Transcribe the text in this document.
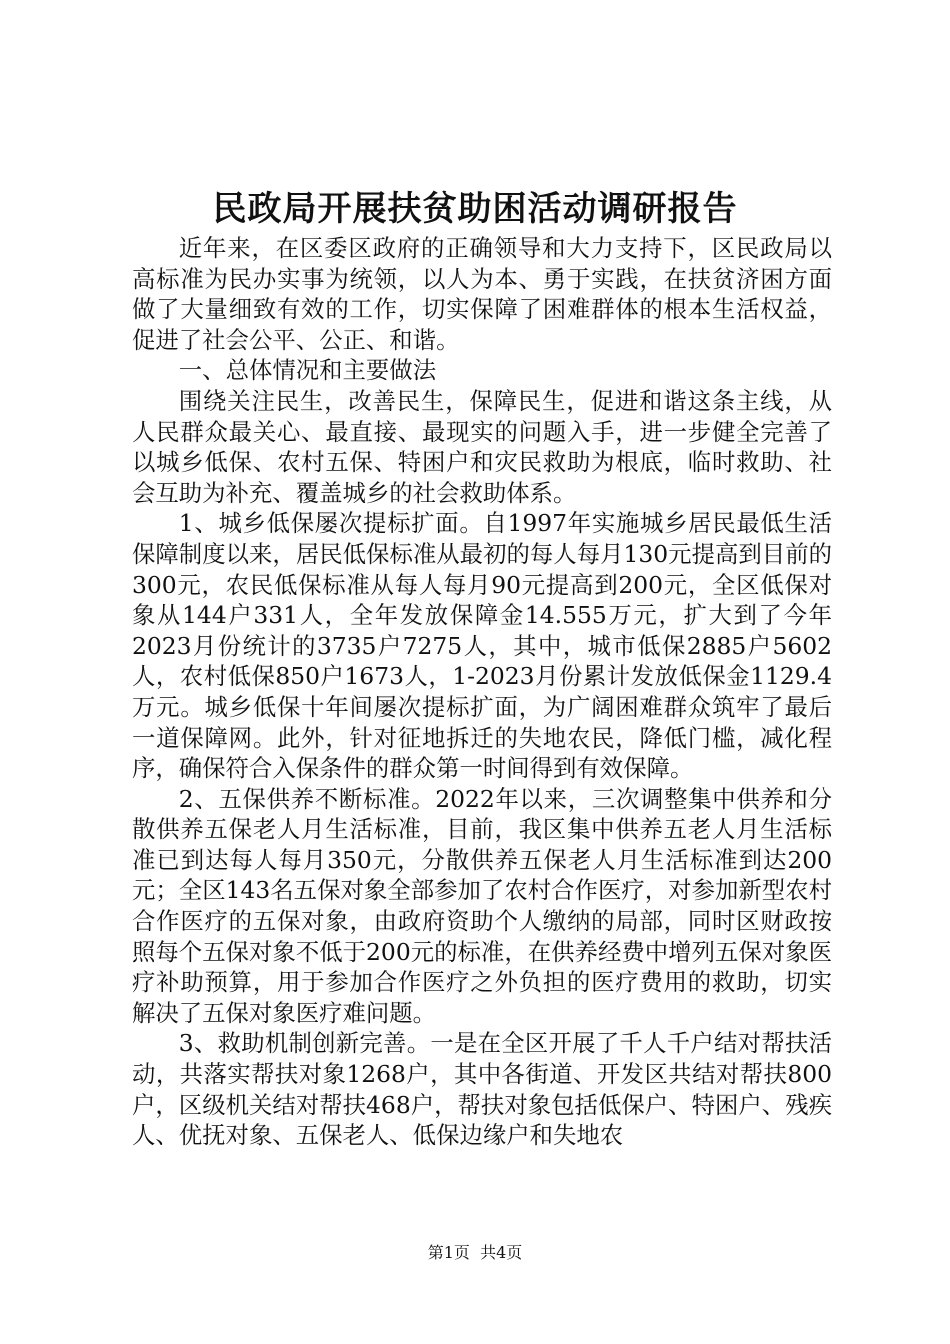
民政局开展扶贫助困活动调研报告

近年来，在区委区政府的正确领导和大力支持下，区民政局以高标准为民办实事为统领，以人为本、勇于实践，在扶贫济困方面做了大量细致有效的工作，切实保障了困难群体的根本生活权益，促进了社会公平、公正、和谐。

一、总体情况和主要做法

围绕关注民生，改善民生，保障民生，促进和谐这条主线，从人民群众最关心、最直接、最现实的问题入手，进一步健全完善了以城乡低保、农村五保、特困户和灾民救助为根底，临时救助、社会互助为补充、覆盖城乡的社会救助体系。

1、城乡低保屡次提标扩面。自1997年实施城乡居民最低生活保障制度以来，居民低保标准从最初的每人每月130元提高到目前的300元，农民低保标准从每人每月90元提高到200元，全区低保对象从144户331人，全年发放保障金14.555万元，扩大到了今年2023月份统计的3735户7275人，其中，城市低保2885户5602人，农村低保850户1673人，1-2023月份累计发放低保金1129.4万元。城乡低保十年间屡次提标扩面，为广阔困难群众筑牢了最后一道保障网。此外，针对征地拆迁的失地农民，降低门槛，减化程序，确保符合入保条件的群众第一时间得到有效保障。

2、五保供养不断标准。2022年以来，三次调整集中供养和分散供养五保老人月生活标准，目前，我区集中供养五老人月生活标准已到达每人每月350元，分散供养五保老人月生活标准到达200元；全区143名五保对象全部参加了农村合作医疗，对参加新型农村合作医疗的五保对象，由政府资助个人缴纳的局部，同时区财政按照每个五保对象不低于200元的标准，在供养经费中增列五保对象医疗补助预算，用于参加合作医疗之外负担的医疗费用的救助，切实解决了五保对象医疗难问题。

3、救助机制创新完善。一是在全区开展了千人千户结对帮扶活动，共落实帮扶对象1268户，其中各街道、开发区共结对帮扶800户，区级机关结对帮扶468户，帮扶对象包括低保户、特困户、残疾人、优抚对象、五保老人、低保边缘户和失地农

第1页  共4页
